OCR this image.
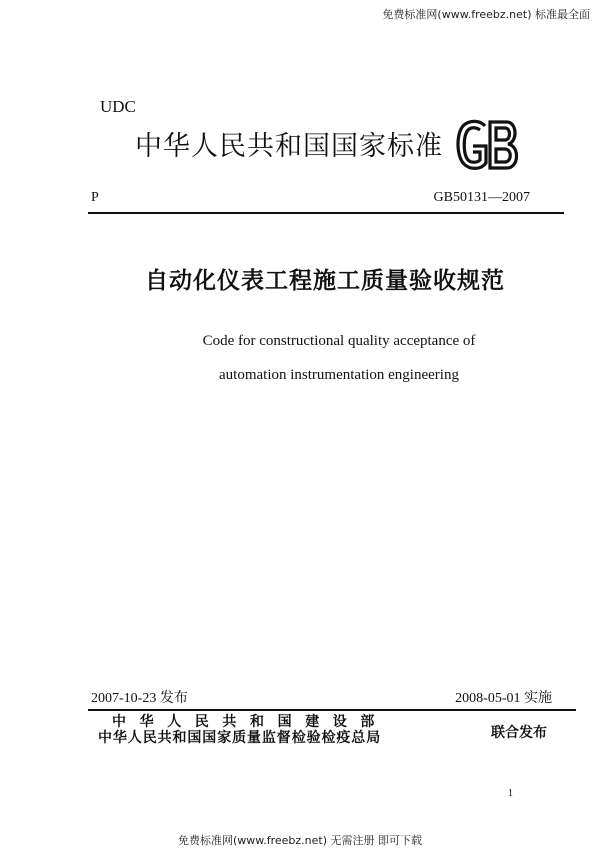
免费标准网(www.freebz.net) 标准最全面
UDC
中华人民共和国国家标准
P	GB50131—2007
自动化仪表工程施工质量验收规范
Code for constructional quality acceptance of
automation instrumentation engineering
2007-10-23 发布	2008-05-01 实施
中华人民共和国建设部
中华人民共和国国家质量监督检验检疫总局	联合发布
1
免费标准网(www.freebz.net) 无需注册 即可下载
